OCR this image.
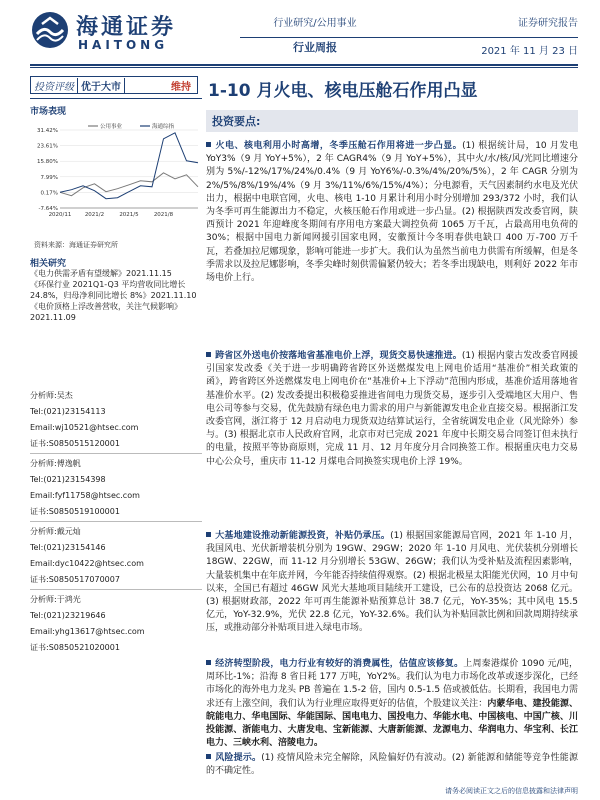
海通证券
HAITONG
行业研究/公用事业
行业周报
证券研究报告
2021 年 11 月 23 日
投资评级 优于大市	维持	1-10 月火电、核电压舱石作用凸显
市场表现
31.42%
23.61%
15.80%
7.99%
0.17%
-7.64%
2020/11 2021/2	2021/5	2021/8
公用事业	海通综指
资料来源：海通证券研究所
相关研究
《电力供需矛盾有望缓解》2021.11.15
《环保行业 2021Q1-Q3 平均营收同比增长 24.8%，归母净利同比增长 8%》2021.11.10
《电价顶格上浮改善营收，关注气候影响》2021.11.09
分析师:吴杰
Tel:(021)23154113
Email:wj10521@htsec.com
证书:S0850515120001
分析师:傅逸帆
Tel:(021)23154398
Email:fyf11758@htsec.com
证书:S0850519100001
分析师:戴元灿
Tel:(021)23154146
Email:dyc10422@htsec.com
证书:S0850517070007
分析师:于鸿光
Tel:(021)23219646
Email:yhg13617@htsec.com
证书:S0850521020001
投资要点:
火电、核电利用小时高增，冬季压舱石作用将进一步凸显。(1) 根据统计局，10 月发电 YoY3%（9 月 YoY+5%），2 年 CAGR4%（9 月 YoY+5%），其中火/水/核/风/光同比增速分别为 5%/-12%/17%/24%/0.4%（9 月 YoY6%/-0.3%/4%/20%/5%），2 年 CAGR 分别为 2%/5%/8%/19%/4%（9 月 3%/11%/6%/15%/4%）；分电源看，天气因素制约水电及光伏出力，根据中电联官网，火电、核电 1-10 月累计利用小时分别增加 293/372 小时，我们认为冬季可再生能源出力不稳定，火核压舱石作用或进一步凸显。(2) 根据陕西发改委官网，陕西预计 2021 年迎峰度冬期间有序用电方案最大调控负荷 1065 万千瓦，占最高用电负荷的 30%；根据中国电力新闻网援引国家电网，安徽预计今冬明春供电缺口 400 万-700 万千瓦，若叠加拉尼娜现象，影响可能进一步扩大。我们认为虽然当前电力供需有所缓解，但是冬季需求以及拉尼娜影响，冬季尖峰时刻供需偏紧仍较大；若冬季出现缺电，则利好 2022 年市场电价上行。
跨省区外送电价按落地省基准电价上浮，现货交易快速推进。(1) 根据内蒙古发改委官网援引国家发改委《关于进一步明确跨省跨区外送燃煤发电上网电价适用“基准价”相关政策的函》，跨省跨区外送燃煤发电上网电价在“基准价+上下浮动”范围内形成，基准价适用落地省基准价水平。(2) 发改委提出积极稳妥推进省间电力现货交易，逐步引入受端地区大用户、售电公司等参与交易，优先鼓励有绿色电力需求的用户与新能源发电企业直接交易。根据浙江发改委官网，浙江将于 12 月启动电力现货双边结算试运行，全省统调发电企业（风光除外）参与。(3) 根据北京市人民政府官网，北京市对已完成 2021 年度中长期交易合同签订但未执行的电量，按照平等协商原则，完成 11 月、12 月年度分月合同换签工作。根据重庆电力交易中心公众号，重庆市 11-12 月煤电合同换签实现电价上浮 19%。
大基地建设推动新能源投资，补贴仍承压。(1) 根据国家能源局官网，2021 年 1-10 月，我国风电、光伏新增装机分别为 19GW、29GW；2020 年 1-10 月风电、光伏装机分别增长 18GW、22GW，而 11-12 月分别增长 53GW、26GW；我们认为受补贴及流程因素影响，大量装机集中在年底并网，今年能否持续值得观察。(2) 根据北极星太阳能光伏网，10 月中旬以来，全国已有超过 46GW 风光大基地项目陆续开工建设，已公布的总投资达 2068 亿元。(3) 根据财政部，2022 年可再生能源补贴预算总计 38.7 亿元，YoY-35%；其中风电 15.5 亿元，YoY-32.9%，光伏 22.8 亿元，YoY-32.6%。我们认为补贴回款比例和回款周期持续承压，或推动部分补贴项目进入绿电市场。
经济转型阶段，电力行业有较好的消费属性，估值应该修复。上周秦港煤价 1090 元/吨，周环比-1%；沿海 8 省日耗 177 万吨，YoY2%。我们认为电力市场化改革或逐步深化，已经市场化的海外电力龙头 PB 普遍在 1.5-2 倍，国内 0.5-1.5 倍或被低估。长期看，我国电力需求还有上涨空间，我们认为行业理应取得更好的估值，个股建议关注：内蒙华电、建投能源、皖能电力、华电国际、华能国际、国电电力、国投电力、华能水电、中国核电、中国广核、川投能源、浙能电力、大唐发电、宝新能源、大唐新能源、龙源电力、华润电力、华宝利、长江电力、三峡水利、涪陵电力。
风险提示。(1) 疫情风险未完全解除，风险偏好仍有波动。(2) 新能源和储能等竞争性能源的不确定性。
请务必阅读正文之后的信息披露和法律声明
